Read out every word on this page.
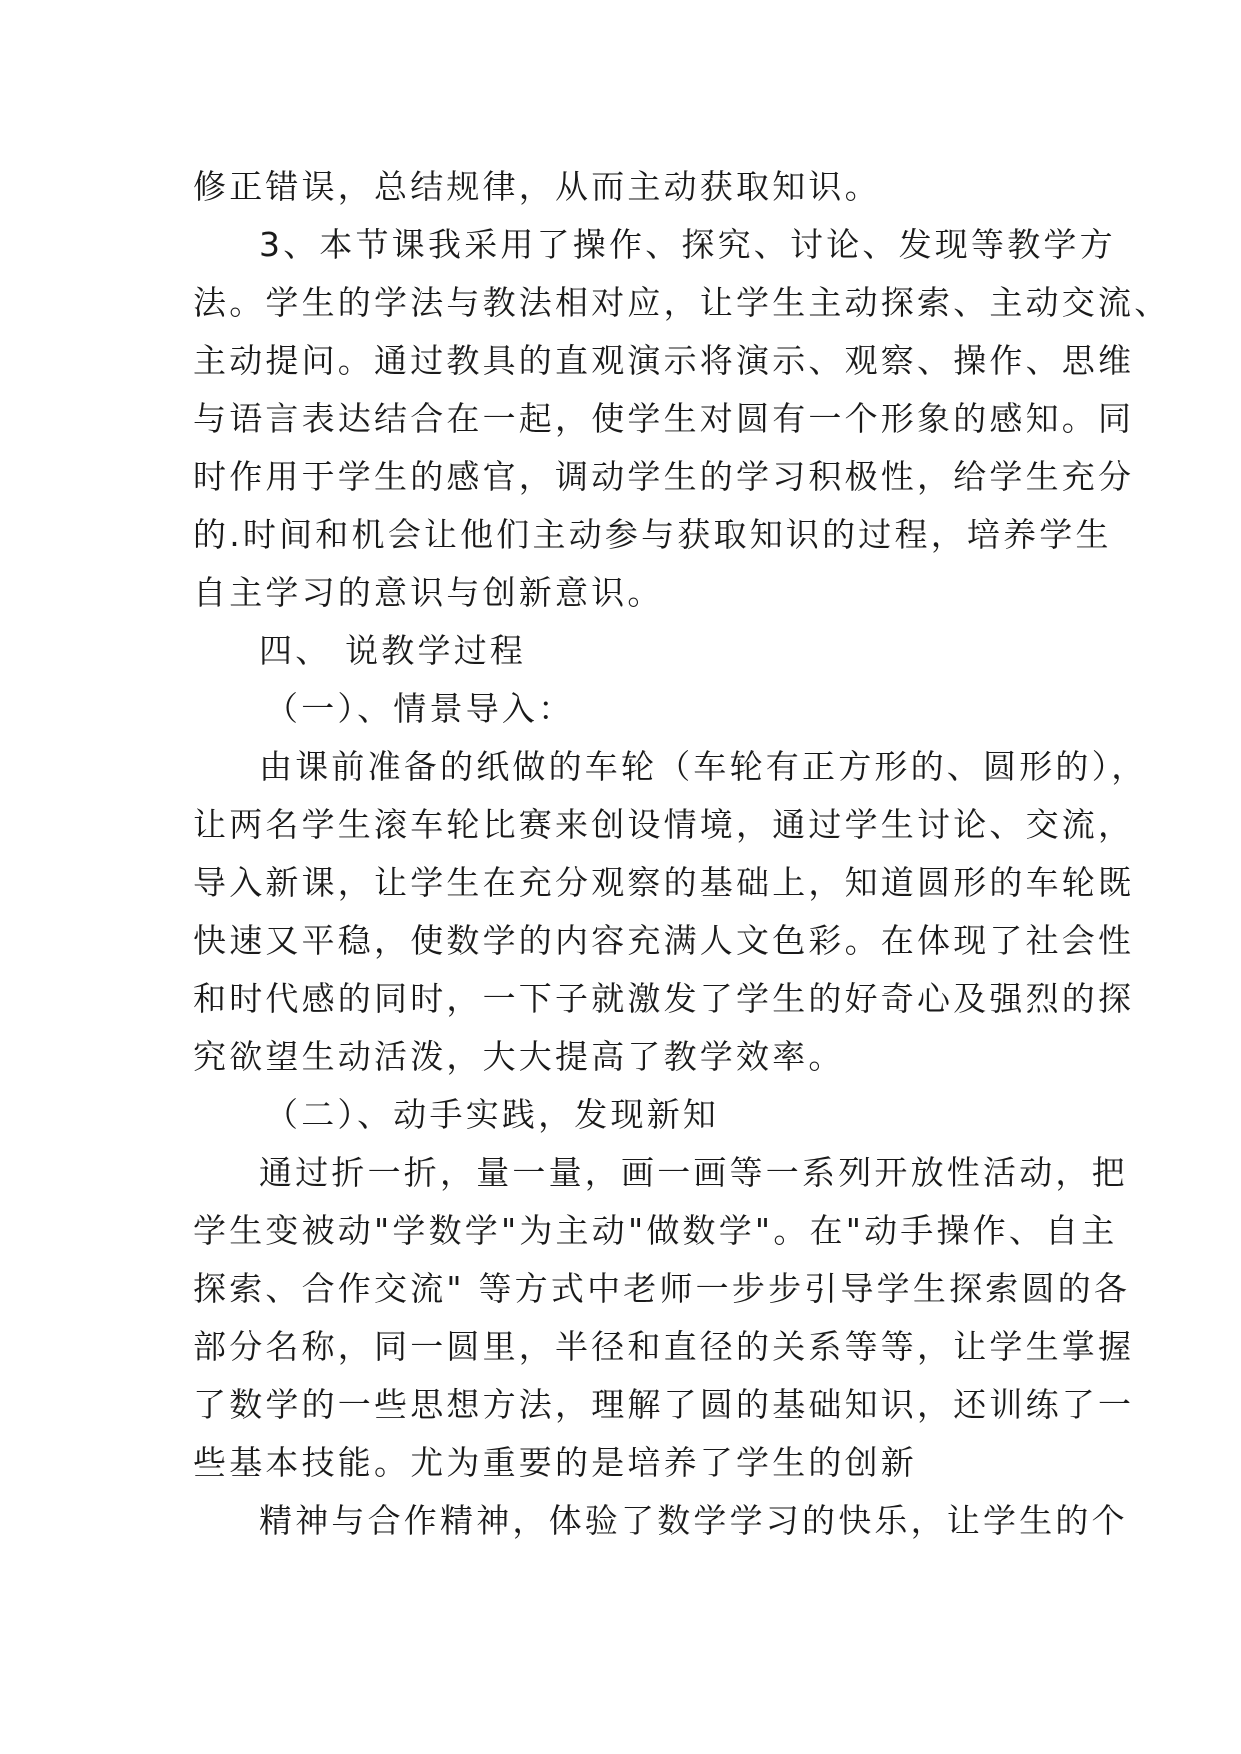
修正错误，总结规律，从而主动获取知识。
3、本节课我采用了操作、探究、讨论、发现等教学方
法。学生的学法与教法相对应，让学生主动探索、主动交流、
主动提问。通过教具的直观演示将演示、观察、操作、思维
与语言表达结合在一起，使学生对圆有一个形象的感知。同
时作用于学生的感官，调动学生的学习积极性，给学生充分
的.时间和机会让他们主动参与获取知识的过程，培养学生
自主学习的意识与创新意识。
四、 说教学过程
（一）、情景导入：
由课前准备的纸做的车轮（车轮有正方形的、圆形的），
让两名学生滚车轮比赛来创设情境，通过学生讨论、交流，
导入新课，让学生在充分观察的基础上，知道圆形的车轮既
快速又平稳，使数学的内容充满人文色彩。在体现了社会性
和时代感的同时，一下子就激发了学生的好奇心及强烈的探
究欲望生动活泼，大大提高了教学效率。
（二）、动手实践，发现新知
通过折一折，量一量，画一画等一系列开放性活动，把
学生变被动"学数学"为主动"做数学"。在"动手操作、自主
探索、合作交流" 等方式中老师一步步引导学生探索圆的各
部分名称，同一圆里，半径和直径的关系等等，让学生掌握
了数学的一些思想方法，理解了圆的基础知识，还训练了一
些基本技能。尤为重要的是培养了学生的创新
精神与合作精神，体验了数学学习的快乐，让学生的个
